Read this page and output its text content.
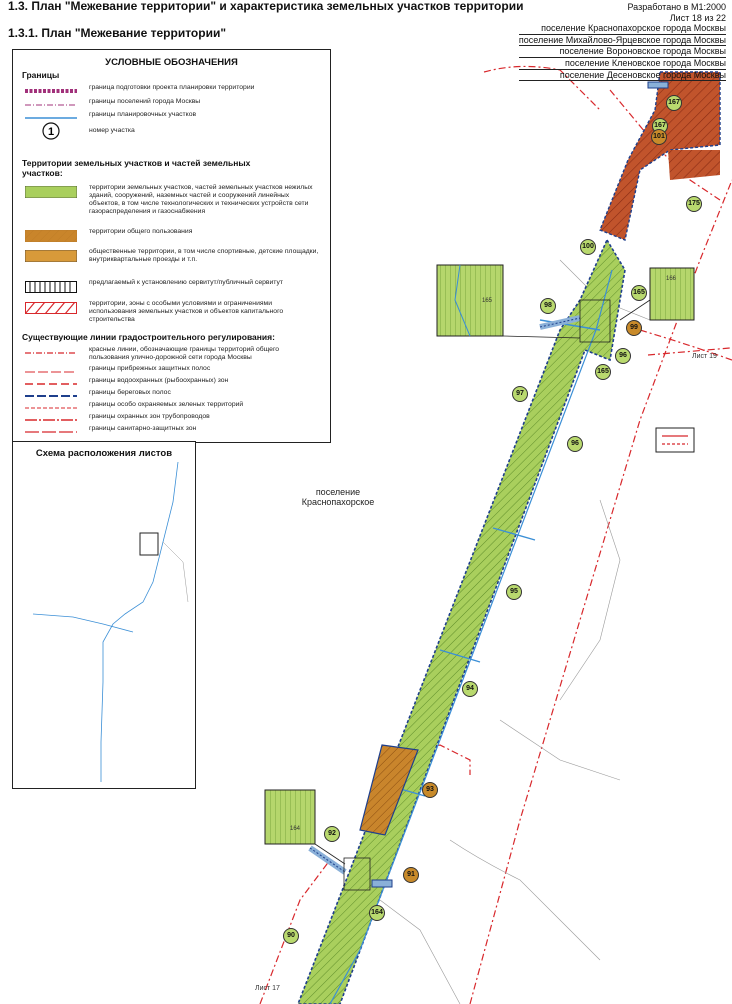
1.3. План "Межевание территории" и характеристика земельных участков территории
1.3.1. План "Межевание территории"
Разработано в М1:2000
Лист 18 из 22
поселение Краснопахорское города Москвы
поселение Михайлово-Ярцевское города Москвы
поселение Вороновское города Москвы
поселение Кленовское города Москвы
поселение Десеновское города Москвы
УСЛОВНЫЕ ОБОЗНАЧЕНИЯ
Границы
граница подготовки проекта планировки территории
границы поселений города Москвы
границы планировочных участков
1	номер участка
Территории земельных участков и частей земельных участков:
территории земельных участков, частей земельных участков нежилых зданий, сооружений, наземных частей и сооружений линейных объектов, в том числе технологических и технических устройств сети газораспределения и газоснабжения
территории общего пользования
общественные территории, в том числе спортивные, детские площадки, внутриквартальные проезды и т.п.
предлагаемый к установлению сервитут/публичный сервитут
территории, зоны с особыми условиями и ограничениями использования земельных участков и объектов капитального строительства
Существующие линии градостроительного регулирования:
красные линии, обозначающие границы территорий общего пользования улично-дорожной сети города Москвы
границы прибрежных защитных полос
границы водоохранных (рыбоохранных) зон
границы береговых полос
границы особо охраняемых зеленых территорий
границы охранных зон трубопроводов
границы санитарно-защитных зон
Схема расположения листов
поселение
Краснопахорское
Лист 19
Лист 17
167
167
101
175
100
165
98
99
96
165
97
96
95
94
93
92
91
164
90
165
166
164
